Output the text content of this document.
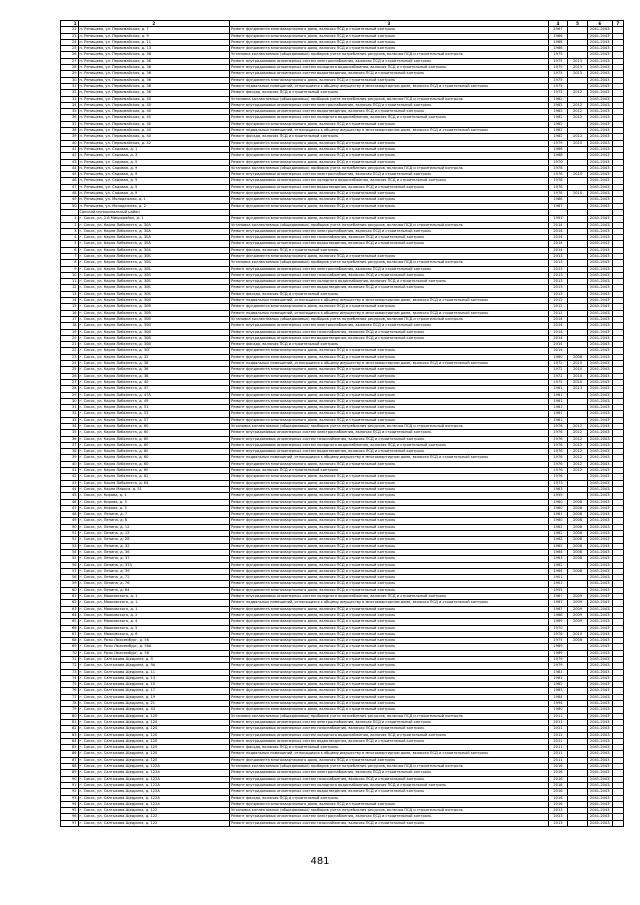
1	2	3	4	5	6	7
22	п. Репищево, ул. Первомайская, д. 7	Ремонт фундамента многоквартирного дома, включая ПСД и строительный контроль	1967		2041-2043	
23	п. Репищево, ул. Первомайская, д. 9	Ремонт фундамента многоквартирного дома, включая ПСД и строительный контроль	1966		2041-2043	
24	п. Репищево, ул. Первомайская, д. 11	Ремонт фундамента многоквартирного дома, включая ПСД и строительный контроль	1968		2041-2043	
25	п. Репищево, ул. Первомайская, д. 13	Ремонт фундамента многоквартирного дома, включая ПСД и строительный контроль	1966		2041-2043	
26	п. Репищево, ул. Первомайская, д. 36	Установка коллективных (общедомовых) приборов учета потребления ресурсов, включая ПСД и строительный контроль	1975		2041-2043	
27	п. Репищево, ул. Первомайская, д. 36	Ремонт внутридомовых инженерных систем электроснабжения, включая ПСД и строительный контроль	1975	2013	2041-2043	
28	п. Репищево, ул. Первомайская, д. 36	Ремонт внутридомовых инженерных систем холодного водоснабжения, включая ПСД и строительный контроль	1975	2013	2041-2043	
29	п. Репищево, ул. Первомайская, д. 36	Ремонт внутридомовых инженерных систем водоотведения, включая ПСД и строительный контроль	1975	2013	2041-2043	
30	п. Репищево, ул. Первомайская, д. 36	Ремонт фундамента многоквартирного дома, включая ПСД и строительный контроль	1975		2041-2043	
31	п. Репищево, ул. Первомайская, д. 36	Ремонт подвальных помещений, относящихся к общему имуществу в многоквартирном доме, включая ПСД и строительный контроль	1975		2041-2043	
32	п. Репищево, ул. Первомайская, д. 36	Ремонт фасада, включая ПСД и строительный контроль	1975	2012	2041-2043	
33	п. Репищево, ул. Первомайская, д. 40	Установка коллективных (общедомовых) приборов учета потребления ресурсов, включая ПСД и строительный контроль	1982		2041-2043	
34	п. Репищево, ул. Первомайская, д. 40	Ремонт внутридомовых инженерных систем электроснабжения, включая ПСД и строительный контроль	1982	2012	2041-2043	
35	п. Репищево, ул. Первомайская, д. 40	Ремонт внутридомовых инженерных систем водоотведения, включая ПСД и строительный контроль	1982	2012	2041-2043	
36	п. Репищево, ул. Первомайская, д. 40	Ремонт внутридомовых инженерных систем холодного водоснабжения, включая ПСД и строительный контроль	1982	2012	2041-2043	
37	п. Репищево, ул. Первомайская, д. 40	Ремонт фундамента многоквартирного дома, включая ПСД и строительный контроль	1982		2041-2043	
38	п. Репищево, ул. Первомайская, д. 40	Ремонт подвальных помещений, относящихся к общему имуществу в многоквартирном доме, включая ПСД и строительный контроль	1982		2041-2043	
39	п. Репищево, ул. Первомайская, д. 40	Ремонт фасада, включая ПСД и строительный контроль	1982	2012	2041-2043	
40	п. Репищево, ул. Первомайская, д. 42	Ремонт фундамента многоквартирного дома, включая ПСД и строительный контроль	1979	2010	2041-2043	
41	п. Репищево, ул. Садовая, д. 1	Ремонт фундамента многоквартирного дома, включая ПСД и строительный контроль	1966		2041-2043	
42	п. Репищево, ул. Садовая, д. 3	Ремонт фундамента многоквартирного дома, включая ПСД и строительный контроль	1968		2041-2043	
43	п. Репищево, ул. Садовая, д. 5	Ремонт фундамента многоквартирного дома, включая ПСД и строительный контроль	1970		2041-2043	
44	п. Репищево, ул. Садовая, д. 9	Установка коллективных (общедомовых) приборов учета потребления ресурсов, включая ПСД и строительный контроль	1978		2041-2043	
45	п. Репищево, ул. Садовая, д. 9	Ремонт внутридомовых инженерных систем электроснабжения, включая ПСД и строительный контроль	1978	2010	2041-2043	
46	п. Репищево, ул. Садовая, д. 9	Ремонт внутридомовых инженерных систем холодного водоснабжения, включая ПСД и строительный контроль	1978		2041-2043	
47	п. Репищево, ул. Садовая, д. 9	Ремонт внутридомовых инженерных систем водоотведения, включая ПСД и строительный контроль	1978		2041-2043	
48	п. Репищево, ул. Садовая, д. 9	Ремонт фундамента многоквартирного дома, включая ПСД и строительный контроль	1978	2010	2041-2043	
49	п. Репищево, ул. Молодежная, д. 1	Ремонт фундамента многоквартирного дома, включая ПСД и строительный контроль	1986		2041-2043	
50	п. Репищево, ул. Молодежная, д. 2	Ремонт фундамента многоквартирного дома, включая ПСД и строительный контроль	1987		2041-2043	
	Сокский муниципальный район					
1	г. Сокск, ул. 2-й Микрорайон, д. 1	Ремонт фундамента многоквартирного дома, включая ПСД и строительный контроль	1997		2041-2043	
2	г. Сокск, ул. Карла Либкнехта, д. 30А	Установка коллективных (общедомовых) приборов учета потребления ресурсов, включая ПСД и строительный контроль	2014		2041-2043	
3	г. Сокск, ул. Карла Либкнехта, д. 30А	Ремонт внутридомовых инженерных систем электроснабжения, включая ПСД и строительный контроль	2014		2041-2043	
4	г. Сокск, ул. Карла Либкнехта, д. 30А	Ремонт внутридомовых инженерных систем газоснабжения, включая ПСД и строительный контроль	2014		2041-2043	
5	г. Сокск, ул. Карла Либкнехта, д. 30А	Ремонт внутридомовых инженерных систем водоотведения, включая ПСД и строительный контроль	2014		2041-2043	
6	г. Сокск, ул. Карла Либкнехта, д. 30А	Ремонт фасада, включая ПСД и строительный контроль	2014		2041-2043	
7	г. Сокск, ул. Карла Либкнехта, д. 30Б	Ремонт фундамента многоквартирного дома, включая ПСД и строительный контроль	2013		2041-2043	
8	г. Сокск, ул. Карла Либкнехта, д. 30Б	Установка коллективных (общедомовых) приборов учета потребления ресурсов, включая ПСД и строительный контроль	2013		2041-2043	
9	г. Сокск, ул. Карла Либкнехта, д. 30Б	Ремонт внутридомовых инженерных систем электроснабжения, включая ПСД и строительный контроль	2013		2041-2043	
10	г. Сокск, ул. Карла Либкнехта, д. 30Б	Ремонт внутридомовых инженерных систем газоснабжения, включая ПСД и строительный контроль	2013		2041-2043	
11	г. Сокск, ул. Карла Либкнехта, д. 30Б	Ремонт внутридомовых инженерных систем холодного водоснабжения, включая ПСД и строительный контроль	2013		2041-2043	
12	г. Сокск, ул. Карла Либкнехта, д. 30Б	Ремонт внутридомовых инженерных систем водоотведения, включая ПСД и строительный контроль	2013		2041-2043	
13	г. Сокск, ул. Карла Либкнехта, д. 30Б	Ремонт фасада, включая ПСД и строительный контроль	2013		2041-2043	
14	г. Сокск, ул. Карла Либкнехта, д. 30В	Ремонт подвальных помещений, относящихся к общему имуществу в многоквартирном доме, включая ПСД и строительный контроль	2012		2041-2043	
15	г. Сокск, ул. Карла Либкнехта, д. 30В	Ремонт фундамента многоквартирного дома, включая ПСД и строительный контроль	2012		2041-2043	
16	г. Сокск, ул. Карла Либкнехта, д. 30В	Ремонт подвальных помещений, относящихся к общему имуществу в многоквартирном доме, включая ПСД и строительный контроль	2012		2041-2043	
17	г. Сокск, ул. Карла Либкнехта, д. 30В	Установка коллективных (общедомовых) приборов учета потребления ресурсов, включая ПСД и строительный контроль	2014		2041-2043	
18	г. Сокск, ул. Карла Либкнехта, д. 30В	Ремонт внутридомовых инженерных систем электроснабжения, включая ПСД и строительный контроль	2014		2041-2043	
19	г. Сокск, ул. Карла Либкнехта, д. 30В	Ремонт внутридомовых инженерных систем газоснабжения, включая ПСД и строительный контроль	2014		2041-2043	
20	г. Сокск, ул. Карла Либкнехта, д. 30В	Ремонт внутридомовых инженерных систем водоотведения, включая ПСД и строительный контроль	2014		2041-2043	
21	г. Сокск, ул. Карла Либкнехта, д. 30В	Ремонт фасада, включая ПСД и строительный контроль	2014		2041-2043	
22	г. Сокск, ул. Карла Либкнехта, д. 30Г	Ремонт фундамента многоквартирного дома, включая ПСД и строительный контроль	2014		2041-2043	
23	г. Сокск, ул. Карла Либкнехта, д. 32	Ремонт фундамента многоквартирного дома, включая ПСД и строительный контроль	1960	2008	2041-2043	
24	г. Сокск, ул. Карла Либкнехта, д. 36	Ремонт подвальных помещений, относящихся к общему имуществу в многоквартирном доме, включая ПСД и строительный контроль	1972	2010	2041-2043	
25	г. Сокск, ул. Карла Либкнехта, д. 36	Ремонт фундамента многоквартирного дома, включая ПСД и строительный контроль	1972	2010	2041-2043	
26	г. Сокск, ул. Карла Либкнехта, д. 38	Ремонт фундамента многоквартирного дома, включая ПСД и строительный контроль	1972	2010	2041-2043	
27	г. Сокск, ул. Карла Либкнехта, д. 40	Ремонт фундамента многоквартирного дома, включая ПСД и строительный контроль	1975	2010	2041-2043	
28	г. Сокск, ул. Карла Либкнехта, д. 47	Ремонт фундамента многоквартирного дома, включая ПСД и строительный контроль	1961	2013	2041-2043	
29	г. Сокск, ул. Карла Либкнехта, д. 47А	Ремонт фундамента многоквартирного дома, включая ПСД и строительный контроль	1961		2041-2043	
30	г. Сокск, ул. Карла Либкнехта, д. 49	Ремонт фундамента многоквартирного дома, включая ПСД и строительный контроль	1961		2041-2043	
31	г. Сокск, ул. Карла Либкнехта, д. 51	Ремонт фундамента многоквартирного дома, включая ПСД и строительный контроль	1961		2041-2043	
32	г. Сокск, ул. Карла Либкнехта, д. 53	Ремонт фундамента многоквартирного дома, включая ПСД и строительный контроль	1961		2041-2043	
33	г. Сокск, ул. Карла Либкнехта, д. 57	Ремонт фундамента многоквартирного дома, включая ПСД и строительный контроль	1961		2041-2043	
34	г. Сокск, ул. Карла Либкнехта, д. 60	Установка коллективных (общедомовых) приборов учета потребления ресурсов, включая ПСД и строительный контроль	1976	2012	2041-2043	
35	г. Сокск, ул. Карла Либкнехта, д. 60	Ремонт внутридомовых инженерных систем электроснабжения, включая ПСД и строительный контроль	1976	2012	2041-2043	
36	г. Сокск, ул. Карла Либкнехта, д. 60	Ремонт внутридомовых инженерных систем газоснабжения, включая ПСД и строительный контроль	1976	2012	2041-2043	
37	г. Сокск, ул. Карла Либкнехта, д. 60	Ремонт внутридомовых инженерных систем холодного водоснабжения, включая ПСД и строительный контроль	1976	2012	2041-2043	
38	г. Сокск, ул. Карла Либкнехта, д. 60	Ремонт внутридомовых инженерных систем водоотведения, включая ПСД и строительный контроль	1976	2012	2041-2043	
39	г. Сокск, ул. Карла Либкнехта, д. 60	Ремонт подвальных помещений, относящихся к общему имуществу в многоквартирном доме, включая ПСД и строительный контроль	1976	2012	2041-2043	
40	г. Сокск, ул. Карла Либкнехта, д. 60	Ремонт фундамента многоквартирного дома, включая ПСД и строительный контроль	1976	2012	2041-2043	
41	г. Сокск, ул. Карла Либкнехта, д. 60	Ремонт фасада, включая ПСД и строительный контроль	1976	2012	2041-2043	
42	г. Сокск, ул. Карла Либкнехта, д. 62	Ремонт фундамента многоквартирного дома, включая ПСД и строительный контроль	1976		2041-2043	
43	г. Сокск, ул. Карла Либкнехта, д. 64	Ремонт фундамента многоквартирного дома, включая ПСД и строительный контроль	1973		2041-2043	
44	г. Сокск, ул. Карла Маркса, д. 51	Ремонт фундамента многоквартирного дома, включая ПСД и строительный контроль	1963		2041-2043	
45	г. Сокск, ул. Кирова, д. 1	Ремонт фундамента многоквартирного дома, включая ПСД и строительный контроль	1959		2041-2043	
46	г. Сокск, ул. Кирова, д. 3	Ремонт фундамента многоквартирного дома, включая ПСД и строительный контроль	1960	2008	2041-2043	
47	г. Сокск, ул. Кирова, д. 5	Ремонт фундамента многоквартирного дома, включая ПСД и строительный контроль	1960	2008	2041-2043	
48	г. Сокск, ул. Ленина, д. 7	Ремонт фундамента многоквартирного дома, включая ПСД и строительный контроль	1961	2008	2041-2043	
49	г. Сокск, ул. Ленина, д. 8	Ремонт фундамента многоквартирного дома, включая ПСД и строительный контроль	1960	2008	2041-2043	
50	г. Сокск, ул. Ленина, д. 12	Ремонт фундамента многоквартирного дома, включая ПСД и строительный контроль	1962	2008	2041-2043	
51	г. Сокск, ул. Ленина, д. 15	Ремонт фундамента многоквартирного дома, включая ПСД и строительный контроль	1962	2008	2041-2043	
52	г. Сокск, ул. Ленина, д. 28	Ремонт фундамента многоквартирного дома, включая ПСД и строительный контроль	1962	2008	2041-2043	
53	г. Сокск, ул. Ленина, д. 32	Ремонт фундамента многоквартирного дома, включая ПСД и строительный контроль	1962	2008	2041-2043	
54	г. Сокск, ул. Ленина, д. 36	Ремонт фундамента многоквартирного дома, включая ПСД и строительный контроль	1964	2008	2041-2043	
55	г. Сокск, ул. Ленина, д. 37	Ремонт фундамента многоквартирного дома, включая ПСД и строительный контроль	1963	2008	2041-2043	
56	г. Сокск, ул. Ленина, д. 37А	Ремонт фундамента многоквартирного дома, включая ПСД и строительный контроль	1962		2041-2043	
57	г. Сокск, ул. Ленина, д. 39	Ремонт фундамента многоквартирного дома, включая ПСД и строительный контроль	1964	2008	2041-2043	
58	г. Сокск, ул. Ленина, д. 72	Ремонт фундамента многоквартирного дома, включая ПСД и строительный контроль	1901		2041-2043	
59	г. Сокск, ул. Ленина, д. 76	Ремонт фундамента многоквартирного дома, включая ПСД и строительный контроль	1901		2041-2043	
60	г. Сокск, ул. Ленина, д. 84	Ремонт фундамента многоквартирного дома, включая ПСД и строительный контроль	1955		2041-2043	
61	г. Сокск, ул. Маяковского, д. 1	Ремонт внутридомовых инженерных систем холодного водоснабжения, включая ПСД и строительный контроль	1967	2009	2041-2043	
62	г. Сокск, ул. Маяковского, д. 1	Ремонт подвальных помещений, относящихся к общему имуществу в многоквартирном доме, включая ПСД и строительный контроль	1967	2009	2041-2043	
63	г. Сокск, ул. Маяковского, д. 1	Ремонт фундамента многоквартирного дома, включая ПСД и строительный контроль	1967	2009	2041-2043	
64	г. Сокск, ул. Маяковского, д. 2	Ремонт фундамента многоквартирного дома, включая ПСД и строительный контроль	1968	2009	2041-2043	
65	г. Сокск, ул. Маяковского, д. 4	Ремонт фундамента многоквартирного дома, включая ПСД и строительный контроль	1969	2009	2041-2043	
66	г. Сокск, ул. Маяковского, д. 5	Ремонт фундамента многоквартирного дома, включая ПСД и строительный контроль	1970		2041-2043	
67	г. Сокск, ул. Маяковского, д. 6	Ремонт фундамента многоквартирного дома, включая ПСД и строительный контроль	1976	2010	2041-2043	
68	г. Сокск, ул. Розы Люксембург, д. 56	Ремонт фундамента многоквартирного дома, включая ПСД и строительный контроль	1975	2008	2041-2043	
69	г. Сокск, ул. Розы Люксембург, д. 56А	Ремонт фундамента многоквартирного дома, включая ПСД и строительный контроль	1989		2041-2043	
70	г. Сокск, ул. Розы Люксембург, д. 58	Ремонт фундамента многоквартирного дома, включая ПСД и строительный контроль	1989		2041-2043	
71	г. Сокск, ул. Салтыкова-Щедрина, д. 9	Ремонт фундамента многоквартирного дома, включая ПСД и строительный контроль	1979		2041-2043	
72	г. Сокск, ул. Салтыкова-Щедрина, д. 9А	Ремонт фундамента многоквартирного дома, включая ПСД и строительный контроль	1979		2041-2043	
73	г. Сокск, ул. Салтыкова-Щедрина, д. 11	Ремонт фундамента многоквартирного дома, включая ПСД и строительный контроль	1981		2041-2043	
74	г. Сокск, ул. Салтыкова-Щедрина, д. 13	Ремонт фундамента многоквартирного дома, включая ПСД и строительный контроль	1981		2041-2043	
75	г. Сокск, ул. Салтыкова-Щедрина, д. 15	Ремонт фундамента многоквартирного дома, включая ПСД и строительный контроль	1982		2041-2043	
76	г. Сокск, ул. Салтыкова-Щедрина, д. 17	Ремонт фундамента многоквартирного дома, включая ПСД и строительный контроль	1983		2041-2043	
77	г. Сокск, ул. Салтыкова-Щедрина, д. 19	Ремонт фундамента многоквартирного дома, включая ПСД и строительный контроль	1984		2041-2043	
78	г. Сокск, ул. Салтыкова-Щедрина, д. 21	Ремонт фундамента многоквартирного дома, включая ПСД и строительный контроль	1994		2041-2043	
79	г. Сокск, ул. Салтыкова-Щедрина, д. 43	Ремонт фундамента многоквартирного дома, включая ПСД и строительный контроль	1980		2041-2043	
80	г. Сокск, ул. Салтыкова-Щедрина, д. 120	Установка коллективных (общедомовых) приборов учета потребления ресурсов, включая ПСД и строительный контроль	2011		2041-2043	
81	г. Сокск, ул. Салтыкова-Щедрина, д. 120	Ремонт внутридомовых инженерных систем электроснабжения, включая ПСД и строительный контроль	2011		2041-2043	
82	г. Сокск, ул. Салтыкова-Щедрина, д. 120	Ремонт внутридомовых инженерных систем газоснабжения, включая ПСД и строительный контроль	2011		2041-2043	
83	г. Сокск, ул. Салтыкова-Щедрина, д. 120	Ремонт внутридомовых инженерных систем холодного водоснабжения, включая ПСД и строительный контроль	2011		2041-2043	
84	г. Сокск, ул. Салтыкова-Щедрина, д. 120	Ремонт внутридомовых инженерных систем водоотведения, включая ПСД и строительный контроль	2011		2041-2043	
85	г. Сокск, ул. Салтыкова-Щедрина, д. 120	Ремонт фасада, включая ПСД и строительный контроль	2011		2041-2043	
86	г. Сокск, ул. Салтыкова-Щедрина, д. 120	Ремонт подвальных помещений, относящихся к общему имуществу в многоквартирном доме, включая ПСД и строительный контроль	2011		2041-2043	
87	г. Сокск, ул. Салтыкова-Щедрина, д. 120	Ремонт фундамента многоквартирного дома, включая ПСД и строительный контроль	2011		2041-2043	
88	г. Сокск, ул. Салтыкова-Щедрина, д. 122А	Установка коллективных (общедомовых) приборов учета потребления ресурсов, включая ПСД и строительный контроль	2016		2041-2043	
89	г. Сокск, ул. Салтыкова-Щедрина, д. 122А	Ремонт внутридомовых инженерных систем электроснабжения, включая ПСД и строительный контроль	2016		2041-2043	
90	г. Сокск, ул. Салтыкова-Щедрина, д. 122А	Ремонт внутридомовых инженерных систем газоснабжения, включая ПСД и строительный контроль	2016		2041-2043	
91	г. Сокск, ул. Салтыкова-Щедрина, д. 122А	Ремонт внутридомовых инженерных систем холодного водоснабжения, включая ПСД и строительный контроль	2016		2041-2043	
92	г. Сокск, ул. Салтыкова-Щедрина, д. 122А	Ремонт внутридомовых инженерных систем водоотведения, включая ПСД и строительный контроль	2016		2041-2043	
93	г. Сокск, ул. Салтыкова-Щедрина, д. 122А	Ремонт фасада, включая ПСД и строительный контроль	2016		2041-2043	
94	г. Сокск, ул. Салтыкова-Щедрина, д. 122А	Ремонт фундамента многоквартирного дома, включая ПСД и строительный контроль	2016		2041-2043	
95	г. Сокск, ул. Салтыкова-Щедрина, д. 122	Установка коллективных (общедомовых) приборов учета потребления ресурсов, включая ПСД и строительный контроль	2013		2041-2043	
96	г. Сокск, ул. Салтыкова-Щедрина, д. 122	Ремонт внутридомовых инженерных систем электроснабжения, включая ПСД и строительный контроль	2013		2041-2043	
97	г. Сокск, ул. Салтыкова-Щедрина, д. 122	Ремонт внутридомовых инженерных систем газоснабжения, включая ПСД и строительный контроль	2013		2041-2043	
481
